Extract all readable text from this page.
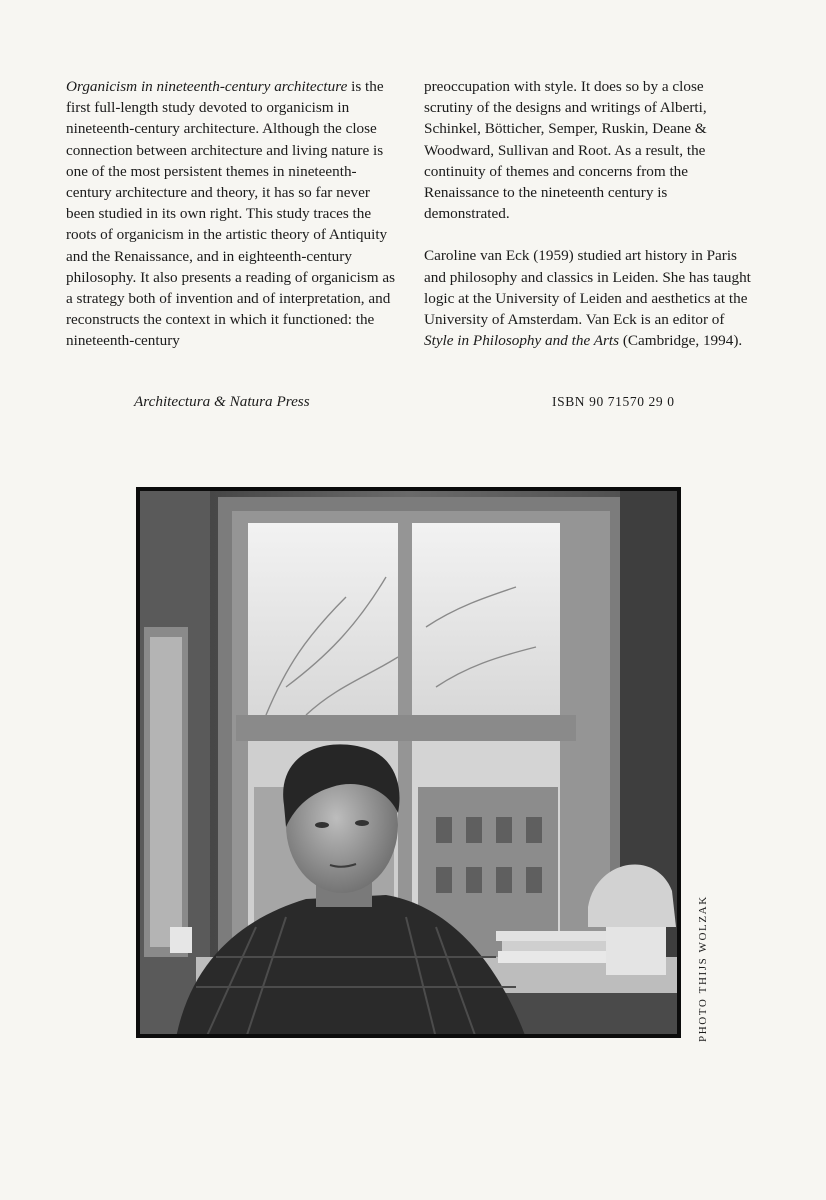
Organicism in nineteenth-century architecture is the first full-length study devoted to organicism in nineteenth-century architecture. Although the close connection between architecture and living nature is one of the most persistent themes in nineteenth-century architecture and theory, it has so far never been studied in its own right. This study traces the roots of organicism in the artistic theory of Antiquity and the Renaissance, and in eighteenth-century philosophy. It also presents a reading of organicism as a strategy both of invention and of interpretation, and reconstructs the context in which it functioned: the nineteenth-century

preoccupation with style. It does so by a close scrutiny of the designs and writings of Alberti, Schinkel, Bötticher, Semper, Ruskin, Deane & Woodward, Sullivan and Root. As a result, the continuity of themes and concerns from the Renaissance to the nineteenth century is demonstrated.

Caroline van Eck (1959) studied art history in Paris and philosophy and classics in Leiden. She has taught logic at the University of Leiden and aesthetics at the University of Amsterdam. Van Eck is an editor of Style in Philosophy and the Arts (Cambridge, 1994).

Architectura & Natura Press	ISBN 90 71570 29 0
PHOTO THIJS WOLZAK
